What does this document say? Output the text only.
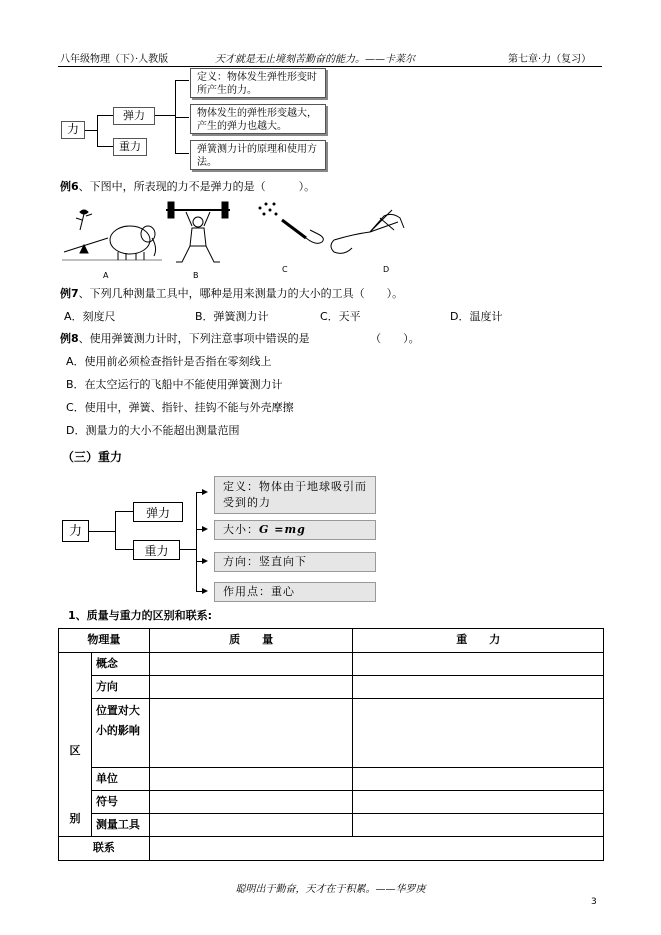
八年级物理（下）·人教版	天才就是无止境刻苦勤奋的能力。——卡莱尔	第七章·力（复习）
力
弹力
重力
定义：物体发生弹性形变时所产生的力。
物体发生的弹性形变越大，产生的弹力也越大。
弹簧测力计的原理和使用方法。
例6、下图中，所表现的力不是弹力的是（　　　）。
A	B
C	D
例7、下列几种测量工具中，哪种是用来测量力的大小的工具（　　）。
A．刻度尺	B．弹簧测力计	C．天平	D．温度计
例8、使用弹簧测力计时，下列注意事项中错误的是　　　　　　（　　）。
A．使用前必须检查指针是否指在零刻线上
B．在太空运行的飞船中不能使用弹簧测力计
C．使用中，弹簧、指针、挂钩不能与外壳摩擦
D．测量力的大小不能超出测量范围
（三）重力
力
弹力
重力
定义：物体由于地球吸引而受到的力
大小：G =mg
方向：竖直向下
作用点：重心
1、质量与重力的区别和联系:
物理量		质　　量	重　　力

区
别	概念		
	方向		
	位置对大小的影响		
	单位		
	符号		
	测量工具		
联系			
聪明出于勤奋，天才在于积累。——华罗庚
3
